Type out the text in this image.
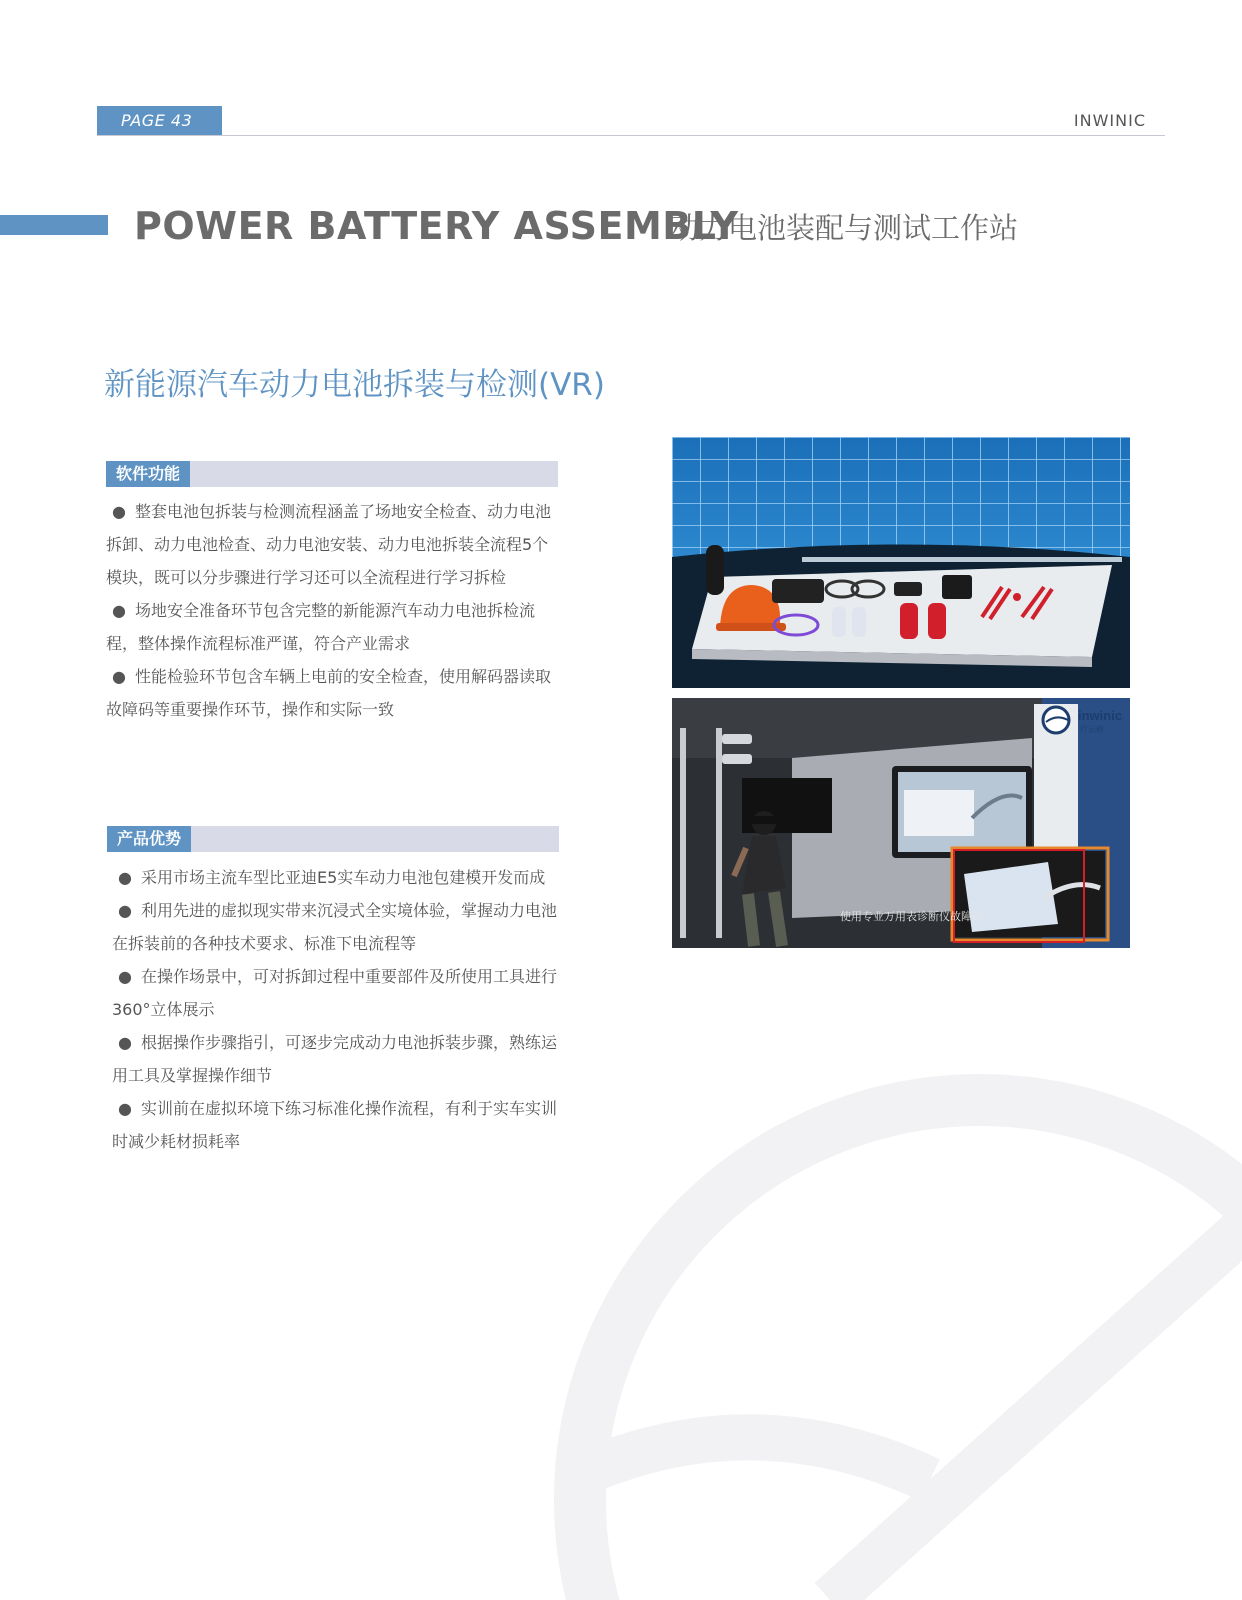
PAGE 43	INWINIC
POWER BATTERY ASSEMBLY
动力电池装配与测试工作站
新能源汽车动力电池拆装与检测(VR)
软件功能
● 整套电池包拆装与检测流程涵盖了场地安全检查、动力电池拆卸、动力电池检查、动力电池安装、动力电池拆装全流程5个模块，既可以分步骤进行学习还可以全流程进行学习拆检
● 场地安全准备环节包含完整的新能源汽车动力电池拆检流程，整体操作流程标准严谨，符合产业需求
● 性能检验环节包含车辆上电前的安全检查，使用解码器读取故障码等重要操作环节，操作和实际一致
产品优势
● 采用市场主流车型比亚迪E5实车动力电池包建模开发而成
● 利用先进的虚拟现实带来沉浸式全实境体验，掌握动力电池在拆装前的各种技术要求、标准下电流程等
● 在操作场景中，可对拆卸过程中重要部件及所使用工具进行360°立体展示
● 根据操作步骤指引，可逐步完成动力电池拆装步骤，熟练运用工具及掌握操作细节
● 实训前在虚拟环境下练习标准化操作流程，有利于实车实训时减少耗材损耗率
inwinic
行云桥
使用专业万用表诊断仪故障码
